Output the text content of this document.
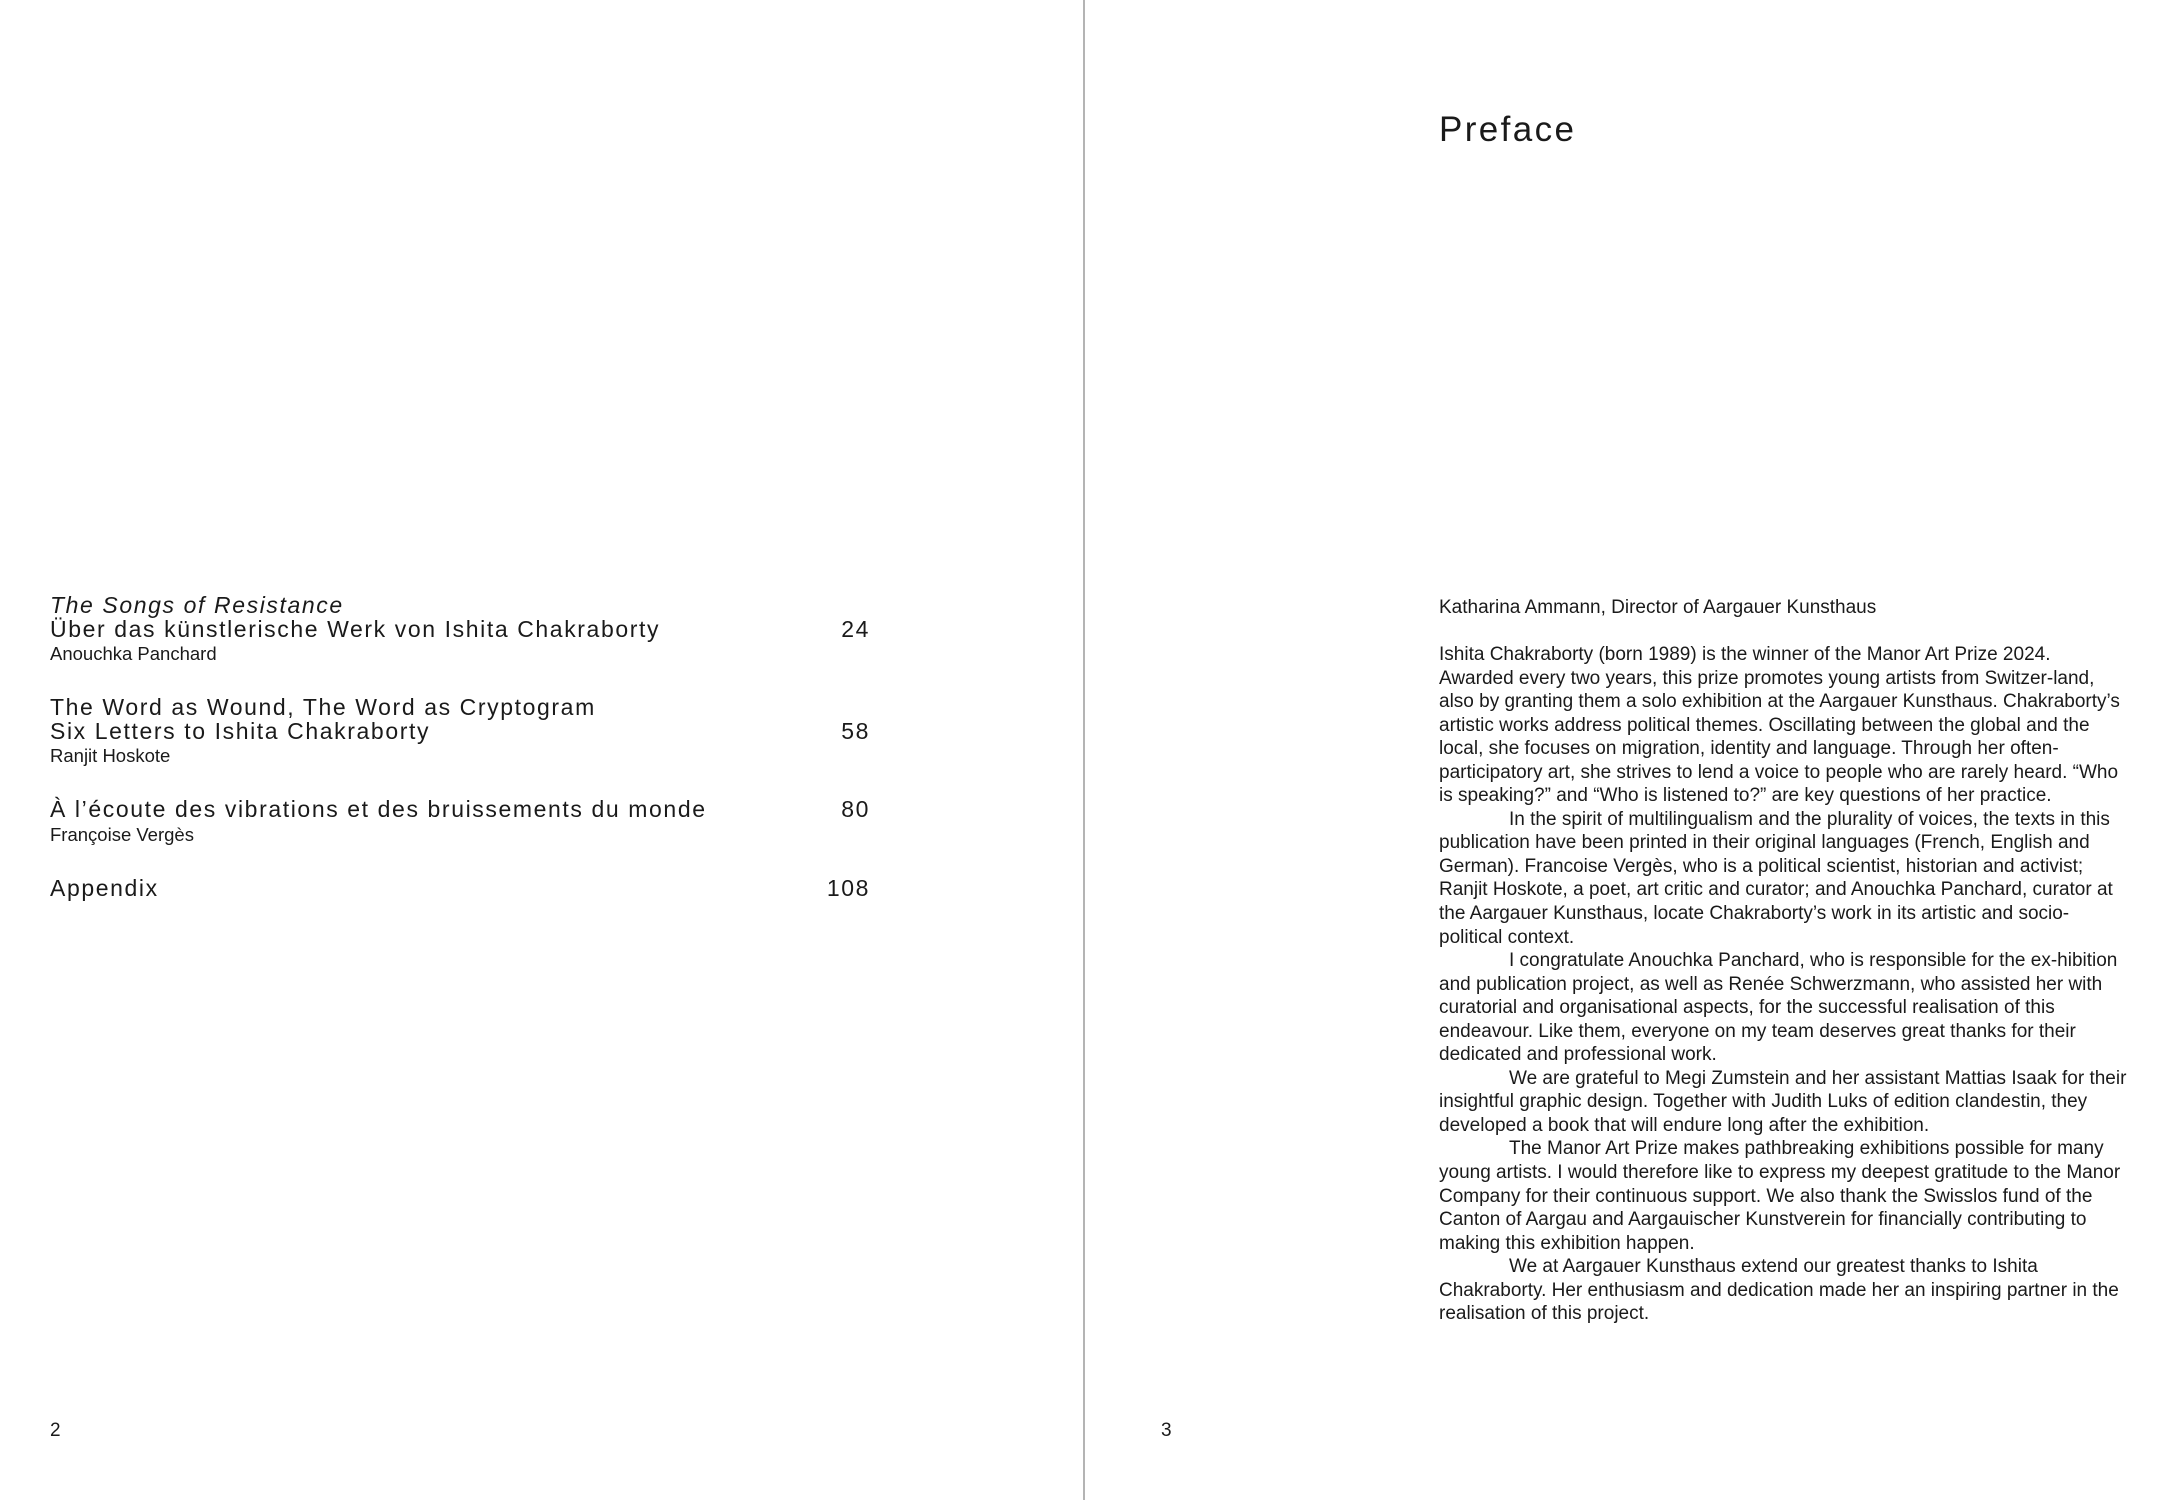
The Songs of Resistance
Über das künstlerische Werk von Ishita Chakraborty
Anouchka Panchard
24
The Word as Wound, The Word as Cryptogram
Six Letters to Ishita Chakraborty
Ranjit Hoskote
58
À l’écoute des vibrations et des bruissements du monde
Françoise Vergès
80
Appendix	108
2
Preface
Katharina Ammann, Director of Aargauer Kunsthaus

Ishita Chakraborty (born 1989) is the winner of the Manor Art Prize 2024. Awarded every two years, this prize promotes young artists from Switzer-land, also by granting them a solo exhibition at the Aargauer Kunsthaus. Chakraborty’s artistic works address political themes. Oscillating between the global and the local, she focuses on migration, identity and language. Through her often-participatory art, she strives to lend a voice to people who are rarely heard. “Who is speaking?” and “Who is listened to?” are key questions of her practice.

In the spirit of multilingualism and the plurality of voices, the texts in this publication have been printed in their original languages (French, English and German). Francoise Vergès, who is a political scientist, historian and activist; Ranjit Hoskote, a poet, art critic and curator; and Anouchka Panchard, curator at the Aargauer Kunsthaus, locate Chakraborty’s work in its artistic and socio-political context.

I congratulate Anouchka Panchard, who is responsible for the ex-hibition and publication project, as well as Renée Schwerzmann, who assisted her with curatorial and organisational aspects, for the successful realisation of this endeavour. Like them, everyone on my team deserves great thanks for their dedicated and professional work.

We are grateful to Megi Zumstein and her assistant Mattias Isaak for their insightful graphic design. Together with Judith Luks of edition clandestin, they developed a book that will endure long after the exhibition.

The Manor Art Prize makes pathbreaking exhibitions possible for many young artists. I would therefore like to express my deepest gratitude to the Manor Company for their continuous support. We also thank the Swisslos fund of the Canton of Aargau and Aargauischer Kunstverein for financially contributing to making this exhibition happen.

We at Aargauer Kunsthaus extend our greatest thanks to Ishita Chakraborty. Her enthusiasm and dedication made her an inspiring partner in the realisation of this project.

3
